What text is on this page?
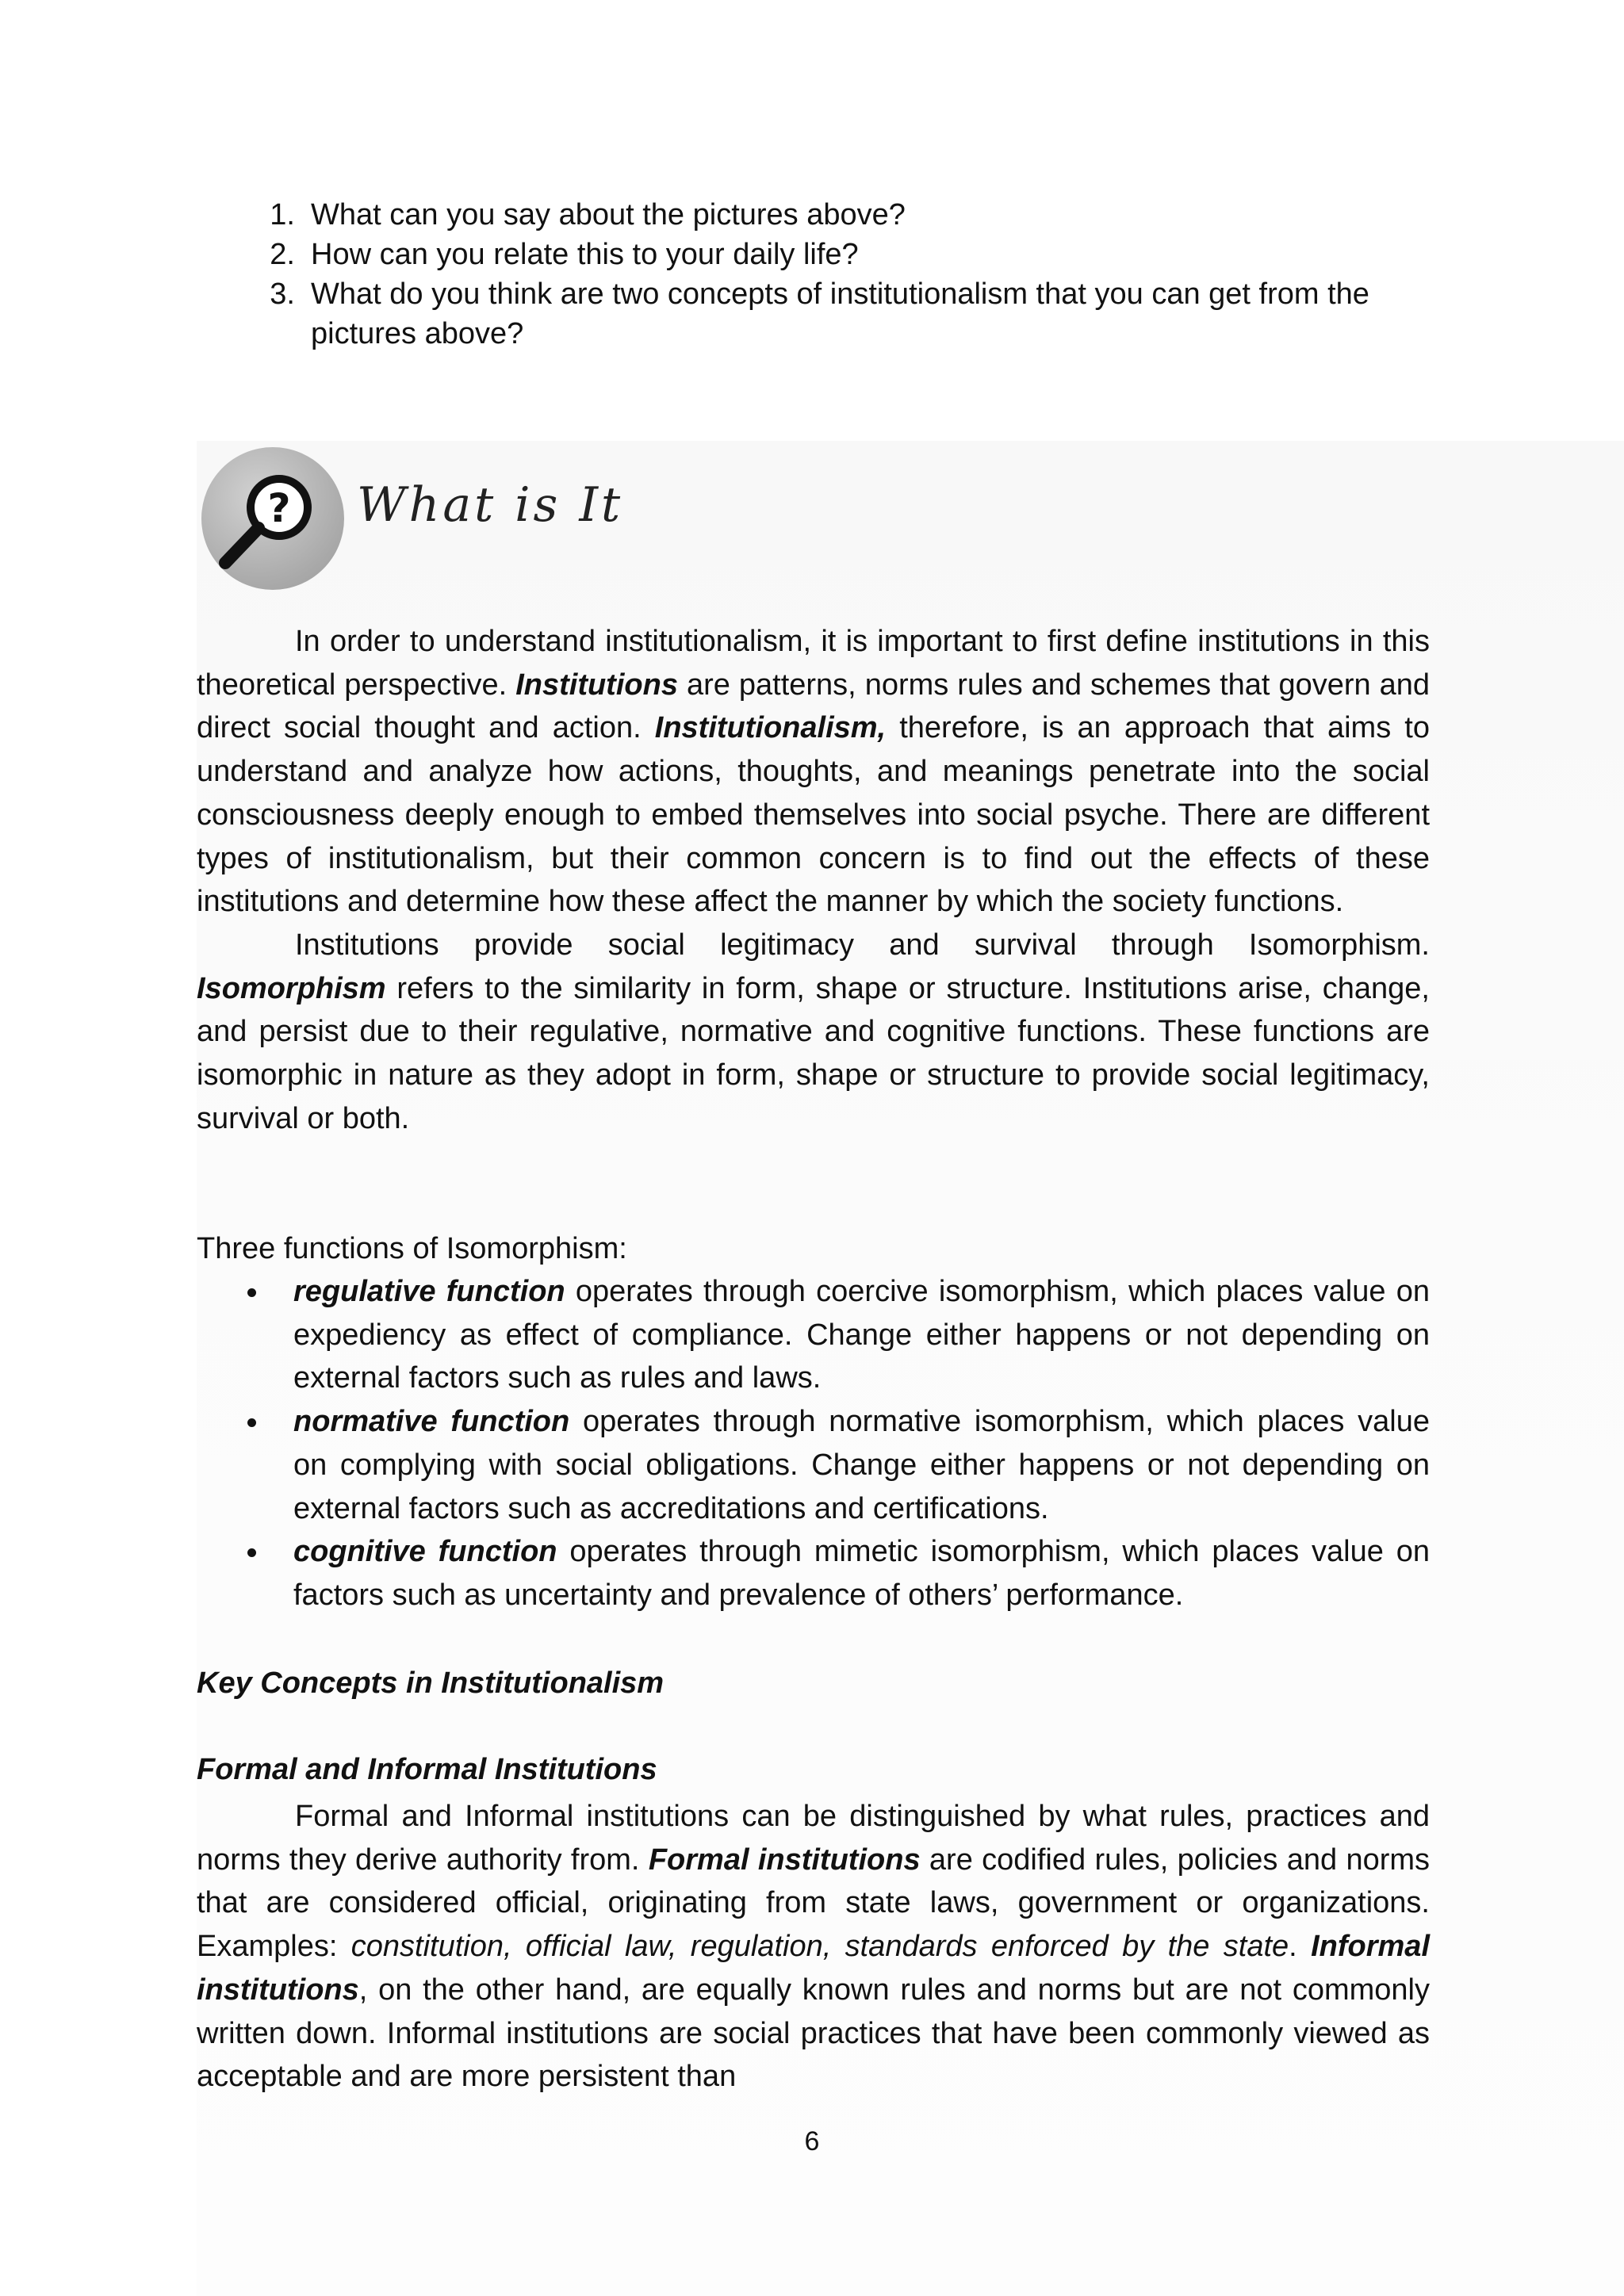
1. What can you say about the pictures above?
2. How can you relate this to your daily life?
3. What do you think are two concepts of institutionalism that you can get from the pictures above?
? What is It
In order to understand institutionalism, it is important to first define institutions in this theoretical perspective. Institutions are patterns, norms rules and schemes that govern and direct social thought and action. Institutionalism, therefore, is an approach that aims to understand and analyze how actions, thoughts, and meanings penetrate into the social consciousness deeply enough to embed themselves into social psyche. There are different types of institutionalism, but their common concern is to find out the effects of these institutions and determine how these affect the manner by which the society functions.
Institutions provide social legitimacy and survival through Isomorphism. Isomorphism refers to the similarity in form, shape or structure. Institutions arise, change, and persist due to their regulative, normative and cognitive functions. These functions are isomorphic in nature as they adopt in form, shape or structure to provide social legitimacy, survival or both.
Three functions of Isomorphism:
regulative function operates through coercive isomorphism, which places value on expediency as effect of compliance. Change either happens or not depending on external factors such as rules and laws.
normative function operates through normative isomorphism, which places value on complying with social obligations. Change either happens or not depending on external factors such as accreditations and certifications.
cognitive function operates through mimetic isomorphism, which places value on factors such as uncertainty and prevalence of others’ performance.
Key Concepts in Institutionalism
Formal and Informal Institutions
Formal and Informal institutions can be distinguished by what rules, practices and norms they derive authority from. Formal institutions are codified rules, policies and norms that are considered official, originating from state laws, government or organizations. Examples: constitution, official law, regulation, standards enforced by the state. Informal institutions, on the other hand, are equally known rules and norms but are not commonly written down. Informal institutions are social practices that have been commonly viewed as acceptable and are more persistent than
6
